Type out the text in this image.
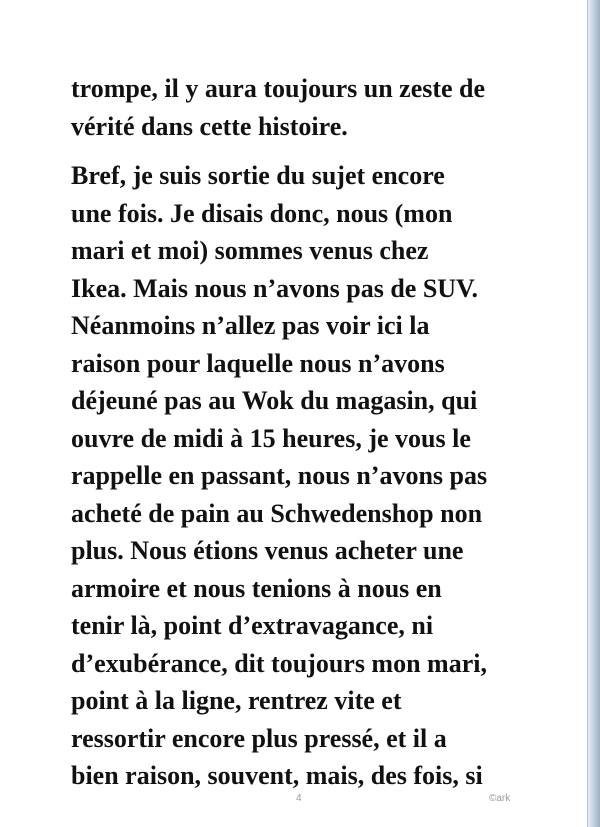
trompe, il y aura toujours un zeste de
vérité dans cette histoire.

Bref, je suis sortie du sujet encore
une fois. Je disais donc, nous (mon
mari et moi) sommes venus chez
Ikea. Mais nous n’avons pas de SUV.
Néanmoins n’allez pas voir ici la
raison pour laquelle nous n’avons
déjeuné pas au Wok du magasin, qui
ouvre de midi à 15 heures, je vous le
rappelle en passant, nous n’avons pas
acheté de pain au Schwedenshop non
plus. Nous étions venus acheter une
armoire et nous tenions à nous en
tenir là, point d’extravagance, ni
d’exubérance, dit toujours mon mari,
point à la ligne, rentrez vite et
ressortir encore plus pressé, et il a
bien raison, souvent, mais, des fois, si

4	©ark
